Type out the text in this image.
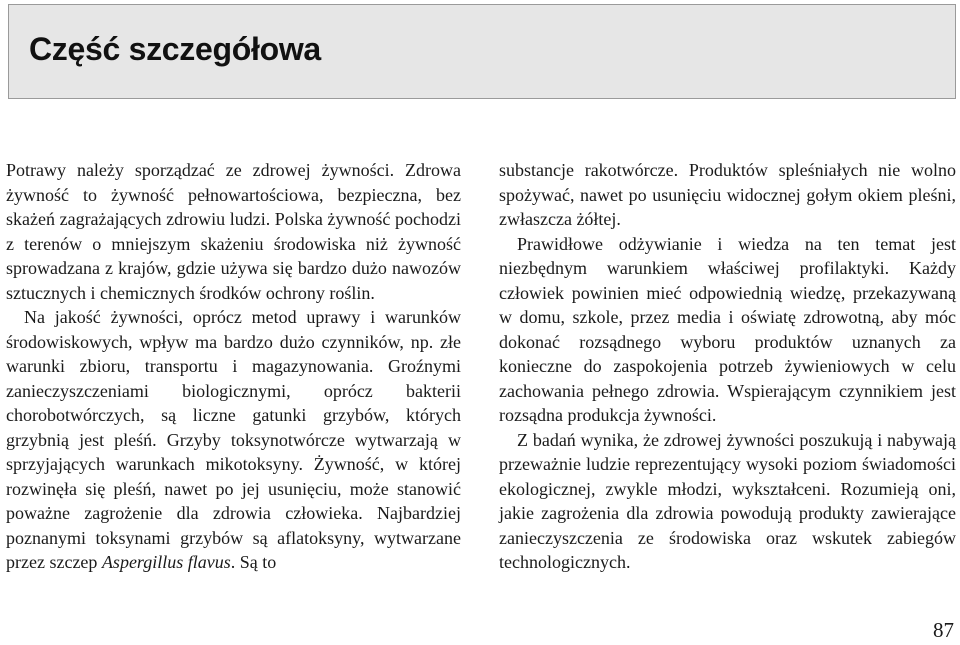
Część szczegółowa

Potrawy należy sporządzać ze zdrowej żywności. Zdrowa żywność to żywność pełnowartościowa, bezpieczna, bez skażeń zagrażających zdrowiu ludzi. Polska żywność pochodzi z terenów o mniejszym skażeniu środowiska niż żywność sprowadzana z krajów, gdzie używa się bardzo dużo nawozów sztucznych i chemicznych środków ochrony roślin.

Na jakość żywności, oprócz metod uprawy i warunków środowiskowych, wpływ ma bardzo dużo czynników, np. złe warunki zbioru, transportu i magazynowania. Groźnymi zanieczyszczeniami biologicznymi, oprócz bakterii chorobotwórczych, są liczne gatunki grzybów, których grzybnią jest pleśń. Grzyby toksynotwórcze wytwarzają w sprzyjających warunkach mikotoksyny. Żywność, w której rozwinęła się pleśń, nawet po jej usunięciu, może stanowić poważne zagrożenie dla zdrowia człowieka. Najbardziej poznanymi toksynami grzybów są aflatoksyny, wytwarzane przez szczep Aspergillus flavus. Są to

substancje rakotwórcze. Produktów spleśniałych nie wolno spożywać, nawet po usunięciu widocznej gołym okiem pleśni, zwłaszcza żółtej.

Prawidłowe odżywianie i wiedza na ten temat jest niezbędnym warunkiem właściwej profilaktyki. Każdy człowiek powinien mieć odpowiednią wiedzę, przekazywaną w domu, szkole, przez media i oświatę zdrowotną, aby móc dokonać rozsądnego wyboru produktów uznanych za konieczne do zaspokojenia potrzeb żywieniowych w celu zachowania pełnego zdrowia. Wspierającym czynnikiem jest rozsądna produkcja żywności.

Z badań wynika, że zdrowej żywności poszukują i nabywają przeważnie ludzie reprezentujący wysoki poziom świadomości ekologicznej, zwykle młodzi, wykształceni. Rozumieją oni, jakie zagrożenia dla zdrowia powodują produkty zawierające zanieczyszczenia ze środowiska oraz wskutek zabiegów technologicznych.

87
